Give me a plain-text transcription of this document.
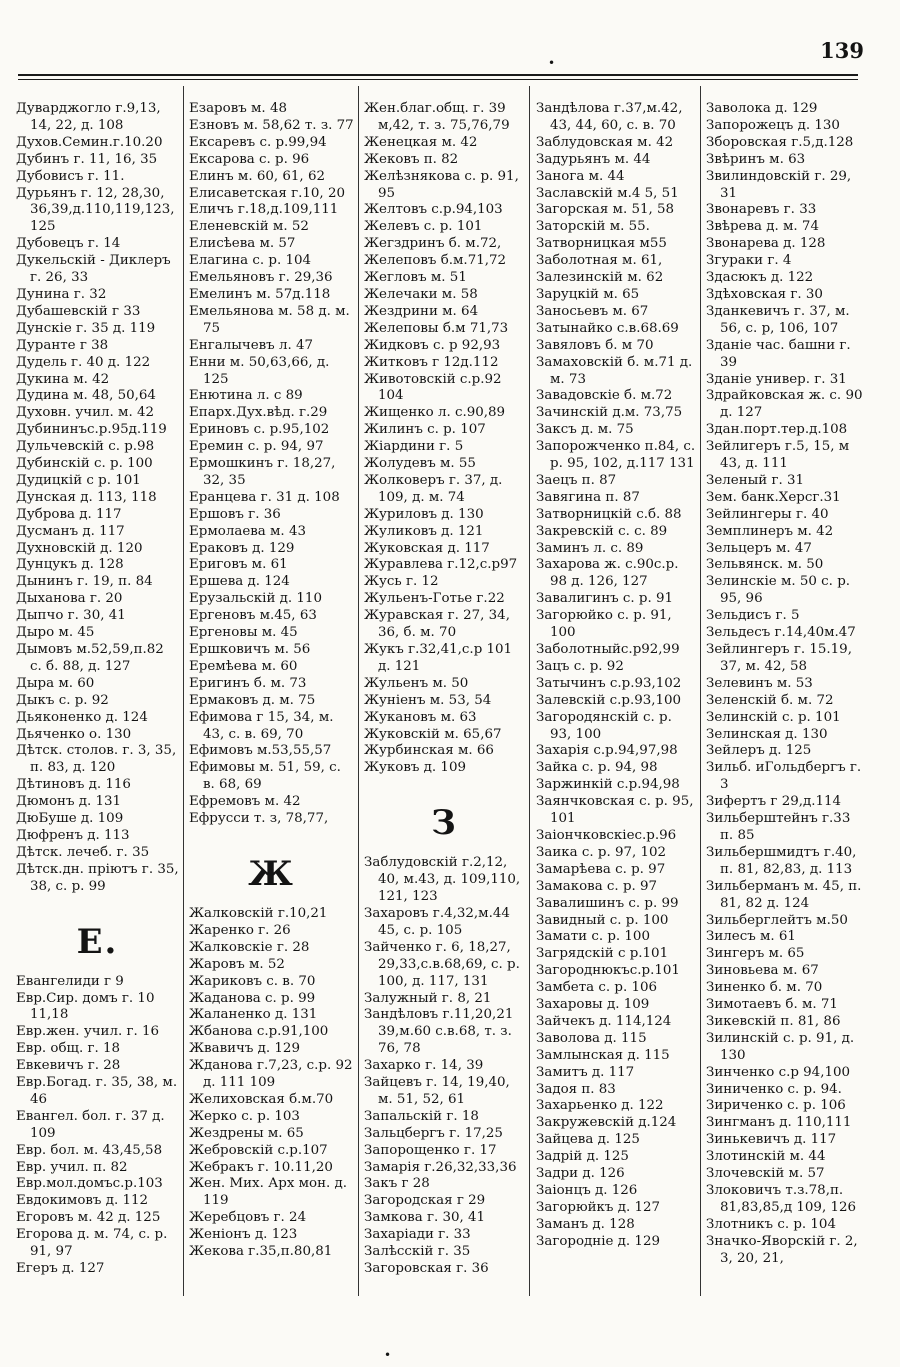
139
•
Дуварджогло г.9,13, 14, 22, д. 108
Духов.Семин.г.10.20
Дубинъ г. 11, 16, 35
Дубовисъ г. 11.
Дурьянъ г. 12, 28,30, 36,39,д.110,119,123, 125
Дубовецъ г. 14
Дукельскій - Диклеръ г. 26, 33
Дунина г. 32
Дубашевскій г 33
Дунскіе г. 35 д. 119
Дуранте г 38
Дудель г. 40 д. 122
Дукина м. 42
Дудина м. 48, 50,64
Духовн. учил. м. 42
Дубининъс.р.95д.119
Дульчевскій с. р.98
Дубинскій с. р. 100
Дудицкій с р. 101
Дунская д. 113, 118
Дуброва д. 117
Дусманъ д. 117
Духновскій д. 120
Дунцукъ д. 128
Дынинъ г. 19, п. 84
Дыханова г. 20
Дыпчо г. 30, 41
Дыро м. 45
Дымовъ м.52,59,п.82 с. б. 88, д. 127
Дыра м. 60
Дыкъ с. р. 92
Дьяконенко д. 124
Дьяченко о. 130
Дѣтск. столов. г. 3, 35, п. 83, д. 120
Дѣтиновъ д. 116
Дюмонъ д. 131
ДюБуше д. 109
Дюфренъ д. 113
Дѣтск. лечеб. г. 35
Дѣтск.дн. пріютъ г. 35, 38, с. р. 99
Е.
Евангелиди г 9
Евр.Сир. домъ г. 10 11,18
Евр.жен. учил. г. 16
Евр. общ. г. 18
Евкевичъ г. 28
Евр.Богад. г. 35, 38, м. 46
Евангел. бол. г. 37 д. 109
Евр. бол. м. 43,45,58
Евр. учил. п. 82
Евр.мол.домъс.р.103
Евдокимовъ д. 112
Егоровъ м. 42 д. 125
Егорова д. м. 74, с. р. 91, 97
Егеръ д. 127
Езаровъ м. 48
Езновъ м. 58,62 т. з. 77
Ексаревъ с. р.99,94
Ексарова с. р. 96
Елинъ м. 60, 61, 62
Елисаветская г.10, 20
Еличъ г.18,д.109,111
Еленевскій м. 52
Елисѣева м. 57
Елагина с. р. 104
Емельяновъ г. 29,36
Емелинъ м. 57д.118
Емельянова м. 58 д. м. 75
Енгалычевъ л. 47
Енни м. 50,63,66, д. 125
Енютина л. с 89
Епарх.Дух.вѣд. г.29
Ериновъ с. р.95,102
Еремин с. р. 94, 97
Ермошкинъ г. 18,27, 32, 35
Еранцева г. 31 д. 108
Ершовъ г. 36
Ермолаева м. 43
Ераковъ д. 129
Ериговъ м. 61
Ершева д. 124
Ерузальскій д. 110
Ергеновъ м.45, 63
Ергеновы м. 45
Ершковичъ м. 56
Еремѣева м. 60
Еригинъ б. м. 73
Ермаковъ д. м. 75
Ефимова г 15, 34, м. 43, с. в. 69, 70
Ефимовъ м.53,55,57
Ефимовы м. 51, 59, с. в. 68, 69
Ефремовъ м. 42
Ефрусси т. з, 78,77,
Ж
Жалковскій г.10,21
Жаренко г. 26
Жалковскіе г. 28
Жаровъ м. 52
Жариковъ с. в. 70
Жаданова с. р. 99
Жаланенко д. 131
Жбанова с.р.91,100
Жвавичъ д. 129
Жданова г.7,23, с.р. 92 д. 111 109
Желиховская б.м.70
Жерко с. р. 103
Жездрены м. 65
Жебровскій с.р.107
Жебракъ г. 10.11,20
Жен. Мих. Арх мон. д. 119
Жеребцовъ г. 24
Женіонъ д. 123
Жекова г.35,п.80,81
Жен.благ.общ. г. 39 м,42, т. з. 75,76,79
Женецкая м. 42
Жековъ п. 82
Желѣзнякова с. р. 91, 95
Желтовъ с.р.94,103
Желевъ с. р. 101
Жегздринъ б. м.72,
Желеповъ б.м.71,72
Жегловъ м. 51
Желечаки м. 58
Жездрини м. 64
Желеповы б.м 71,73
Жидковъ с. р 92,93
Житковъ г 12д.112
Животовскій с.р.92 104
Жищенко л. с.90,89
Жилинъ с. р. 107
Жіардини г. 5
Жолудевъ м. 55
Жолковеръ г. 37, д. 109, д. м. 74
Журиловъ д. 130
Жуликовъ д. 121
Жуковская д. 117
Журавлева г.12,с.р97
Жусь г. 12
Жульенъ-Готье г.22
Журавская г. 27, 34, 36, б. м. 70
Жукъ г.32,41,с.р 101 д. 121
Жульенъ м. 50
Жуніенъ м. 53, 54
Жукановъ м. 63
Жуковскій м. 65,67
Журбинская м. 66
Жуковъ д. 109
З
Заблудовскій г.2,12, 40, м.43, д. 109,110, 121, 123
Захаровъ г.4,32,м.44 45, с. р. 105
Зайченко г. 6, 18,27, 29,33,с.в.68,69, с. р. 100, д. 117, 131
Залужный г. 8, 21
Зандѣловъ г.11,20,21 39,м.60 с.в.68, т. з. 76, 78
Захарко г. 14, 39
Зайцевъ г. 14, 19,40, м. 51, 52, 61
Запальскій г. 18
Зальцбергъ г. 17,25
Запорощенко г. 17
Замарія г.26,32,33,36
Закъ г 28
Загородская г 29
Замкова г. 30, 41
Захаріади г. 33
Залѣсскій г. 35
Загоровская г. 36
Зандѣлова г.37,м.42, 43, 44, 60, с. в. 70
Заблудовская м. 42
Задурьянъ м. 44
Занога м. 44
Заславскій м.4 5, 51
Загорская м. 51, 58
Заторскій м. 55.
Затворницкая м55
Заболотная м. 61,
Залезинскій м. 62
Заруцкій м. 65
Заносьевъ м. 67
Затынайко с.в.68.69
Завяловъ б. м 70
Замаховскій б. м.71 д. м. 73
Завадовскіе б. м.72
Зачинскій д.м. 73,75
Заксъ д. м. 75
Запорожченко п.84, с. р. 95, 102, д.117 131
Заецъ п. 87
Завягина п. 87
Затворницкій с.б. 88
Закревскій с. с. 89
Заминъ л. с. 89
Захарова ж. с.90с.р. 98 д. 126, 127
Завалигинъ с. р. 91
Загорюйко с. р. 91, 100
Заболотныйс.р92,99
Зацъ с. р. 92
Затычинъ с.р.93,102
Залевскій с.р.93,100
Загородянскій с. р. 93, 100
Захарія с.р.94,97,98
Зайка с. р. 94, 98
Заржинкій с.р.94,98
Заянчковская с. р. 95, 101
Заіончковскіес.р.96
Заика с. р. 97, 102
Замарѣева с. р. 97
Замакова с. р. 97
Завалишинъ с. р. 99
Завидный с. р. 100
Замати с. р. 100
Загрядскій с р.101
Загороднюкъс.р.101
Замбета с. р. 106
Захаровы д. 109
Зайчекъ д. 114,124
Заволова д. 115
Замлынская д. 115
Замитъ д. 117
Задоя п. 83
Захарьенко д. 122
Закружевскій д.124
Зайцева д. 125
Задрій д. 125
Задри д. 126
Заіонцъ д. 126
Загорюйкъ д. 127
Заманъ д. 128
Загородніе д. 129
Заволока д. 129
Запорожецъ д. 130
Зборовская г.5,д.128
Звѣринъ м. 63
Звилиндовскій г. 29, 31
Звонаревъ г. 33
Звѣрева д. м. 74
Звонарева д. 128
Згураки г. 4
Здасюкъ д. 122
Здѣховская г. 30
Зданкевичъ г. 37, м. 56, с. р, 106, 107
Зданіе час. башни г. 39
Зданіе универ. г. 31
Здрайковская ж. с. 90 д. 127
Здан.порт.тер.д.108
Зейлигеръ г.5, 15, м 43, д. 111
Зеленый г. 31
Зем. банк.Херсг.31
Зейлингеры г. 40
Земплинеръ м. 42
Зельцеръ м. 47
Зельвянск. м. 50
Зелинскіе м. 50 с. р. 95, 96
Зельдисъ г. 5
Зельдесъ г.14,40м.47
Зейлингеръ г. 15.19, 37, м. 42, 58
Зелевинъ м. 53
Зеленскій б. м. 72
Зелинскій с. р. 101
Зелинская д. 130
Зейлеръ д. 125
Зильб. иГольдбергъ г. 3
Зифертъ г 29,д.114
Зильберштейнъ г.33 п. 85
Зильбершмидтъ г.40, п. 81, 82,83, д. 113
Зильберманъ м. 45, п. 81, 82 д. 124
Зильберглейтъ м.50
Зилесъ м. 61
Зингеръ м. 65
Зиновьева м. 67
Зиненко б. м. 70
Зимотаевъ б. м. 71
Зикевскій п. 81, 86
Зилинскій с. р. 91, д. 130
Зинченко с.р 94,100
Зиниченко с. р. 94.
Зириченко с. р. 106
Зингманъ д. 110,111
Зинькевичъ д. 117
Злотинскій м. 44
Злочевскій м. 57
Злоковичъ т.з.78,п. 81,83,85,д 109, 126
Злотникъ с. р. 104
Значко-Яворскій г. 2, 3, 20, 21,
•
